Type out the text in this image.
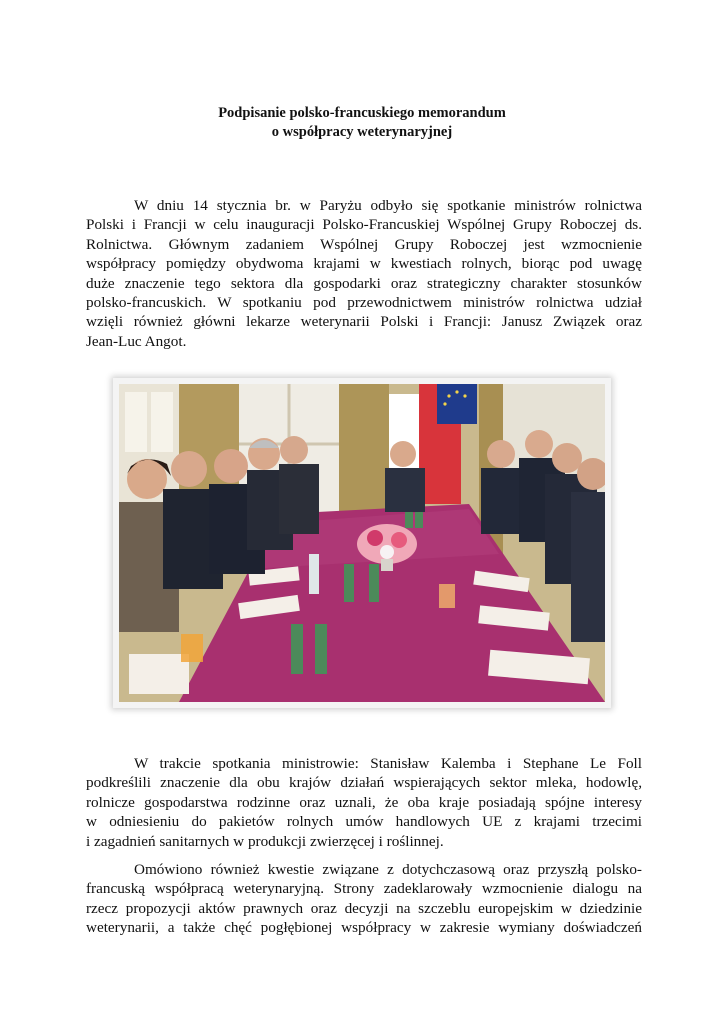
Podpisanie polsko-francuskiego memorandum
o współpracy weterynaryjnej

W dniu 14 stycznia br. w Paryżu odbyło się spotkanie ministrów rolnictwa
Polski i Francji w celu inauguracji Polsko-Francuskiej Wspólnej Grupy Roboczej ds.
Rolnictwa. Głównym zadaniem Wspólnej Grupy Roboczej jest wzmocnienie
współpracy pomiędzy obydwoma krajami w kwestiach rolnych, biorąc pod uwagę
duże znaczenie tego sektora dla gospodarki oraz strategiczny charakter stosunków
polsko-francuskich. W spotkaniu pod przewodnictwem ministrów rolnictwa udział
wzięli również główni lekarze weterynarii Polski i Francji: Janusz Związek oraz
Jean-Luc Angot.

W trakcie spotkania ministrowie: Stanisław Kalemba i Stephane Le Foll
podkreślili znaczenie dla obu krajów działań wspierających sektor mleka, hodowlę,
rolnicze gospodarstwa rodzinne oraz uznali, że oba kraje posiadają spójne interesy
w odniesieniu do pakietów rolnych umów handlowych UE z krajami trzecimi
i zagadnień sanitarnych w produkcji zwierzęcej i roślinnej.

Omówiono również kwestie związane z dotychczasową oraz przyszłą polsko-
francuską współpracą weterynaryjną. Strony zadeklarowały wzmocnienie dialogu na
rzecz propozycji aktów prawnych oraz decyzji na szczeblu europejskim w dziedzinie
weterynarii, a także chęć pogłębionej współpracy w zakresie wymiany doświadczeń
